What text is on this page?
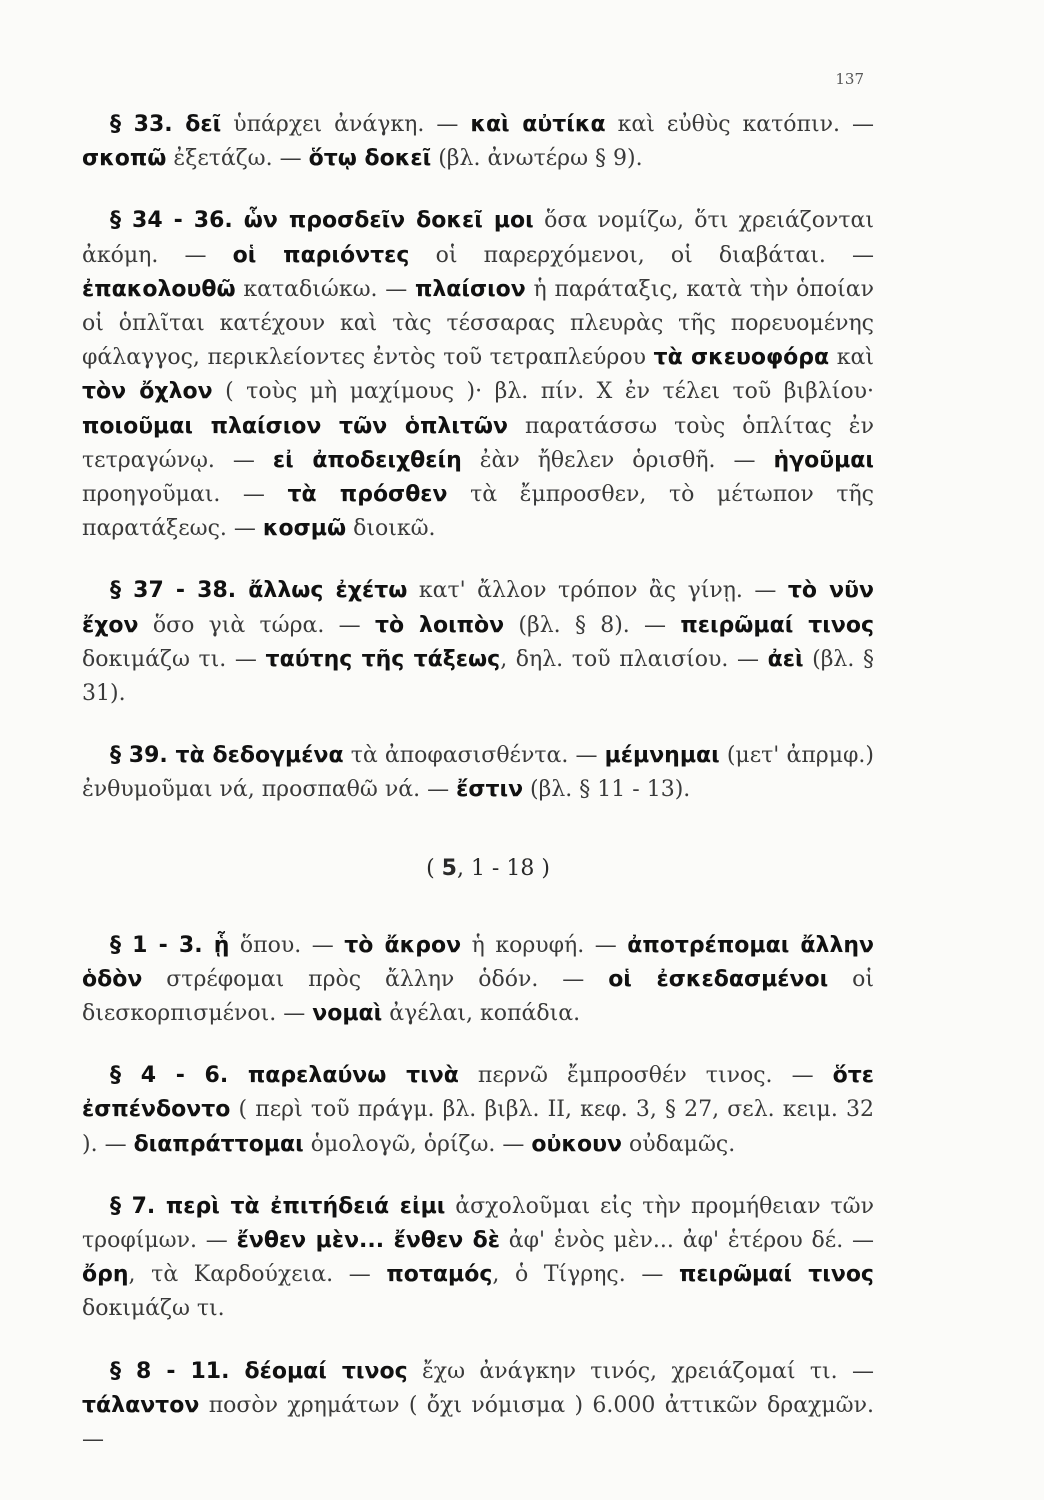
137

§ 33. δεῖ ὑπάρχει ἀνάγκη. — καὶ αὐτίκα καὶ εὐθὺς κατόπιν. — σκοπῶ ἐξετάζω. — ὅτῳ δοκεῖ (βλ. ἀνωτέρω § 9).

§ 34 - 36. ὧν προσδεῖν δοκεῖ μοι ὅσα νομίζω, ὅτι χρειάζονται ἀκόμη. — οἱ παριόντες οἱ παρερχόμενοι, οἱ διαβάται. — ἐπακολουθῶ καταδιώκω. — πλαίσιον ἡ παράταξις, κατὰ τὴν ὁποίαν οἱ ὁπλῖται κατέχουν καὶ τὰς τέσσαρας πλευρὰς τῆς πορευομένης φάλαγγος, περικλείοντες ἐντὸς τοῦ τετραπλεύρου τὰ σκευοφόρα καὶ τὸν ὄχλον ( τοὺς μὴ μαχίμους )· βλ. πίν. X ἐν τέλει τοῦ βιβλίου· ποιοῦμαι πλαίσιον τῶν ὁπλιτῶν παρατάσσω τοὺς ὁπλίτας ἐν τετραγώνῳ. — εἰ ἀποδειχθείη ἐὰν ἤθελεν ὁρισθῆ. — ἡγοῦμαι προηγοῦμαι. — τὰ πρόσθεν τὰ ἔμπροσθεν, τὸ μέτωπον τῆς παρατάξεως. — κοσμῶ διοικῶ.

§ 37 - 38. ἄλλως ἐχέτω κατ' ἄλλον τρόπον ἂς γίνῃ. — τὸ νῦν ἔχον ὅσο γιὰ τώρα. — τὸ λοιπὸν (βλ. § 8). — πειρῶμαί τινος δοκιμάζω τι. — ταύτης τῆς τάξεως, δηλ. τοῦ πλαισίου. — ἀεὶ (βλ. § 31).

§ 39. τὰ δεδογμένα τὰ ἀποφασισθέντα. — μέμνημαι (μετ' ἀπρμφ.) ἐνθυμοῦμαι νά, προσπαθῶ νά. — ἔστιν (βλ. § 11 - 13).

( 5, 1 - 18 )

§ 1 - 3. ᾗ ὅπου. — τὸ ἄκρον ἡ κορυφή. — ἀποτρέπομαι ἄλλην ὁδὸν στρέφομαι πρὸς ἄλλην ὁδόν. — οἱ ἐσκεδασμένοι οἱ διεσκορπισμένοι. — νομαὶ ἀγέλαι, κοπάδια.

§ 4 - 6. παρελαύνω τινὰ περνῶ ἔμπροσθέν τινος. — ὅτε ἐσπένδοντο ( περὶ τοῦ πράγμ. βλ. βιβλ. II, κεφ. 3, § 27, σελ. κειμ. 32 ). — διαπράττομαι ὁμολογῶ, ὁρίζω. — οὐκουν οὐδαμῶς.

§ 7. περὶ τὰ ἐπιτήδειά εἰμι ἀσχολοῦμαι εἰς τὴν προμήθειαν τῶν τροφίμων. — ἔνθεν μὲν... ἔνθεν δὲ ἀφ' ἑνὸς μὲν... ἀφ' ἑτέρου δέ. — ὄρη, τὰ Καρδούχεια. — ποταμός, ὁ Τίγρης. — πειρῶμαί τινος δοκιμάζω τι.

§ 8 - 11. δέομαί τινος ἔχω ἀνάγκην τινός, χρειάζομαί τι. — τάλαντον ποσὸν χρημάτων ( ὄχι νόμισμα ) 6.000 ἀττικῶν δραχμῶν. —
